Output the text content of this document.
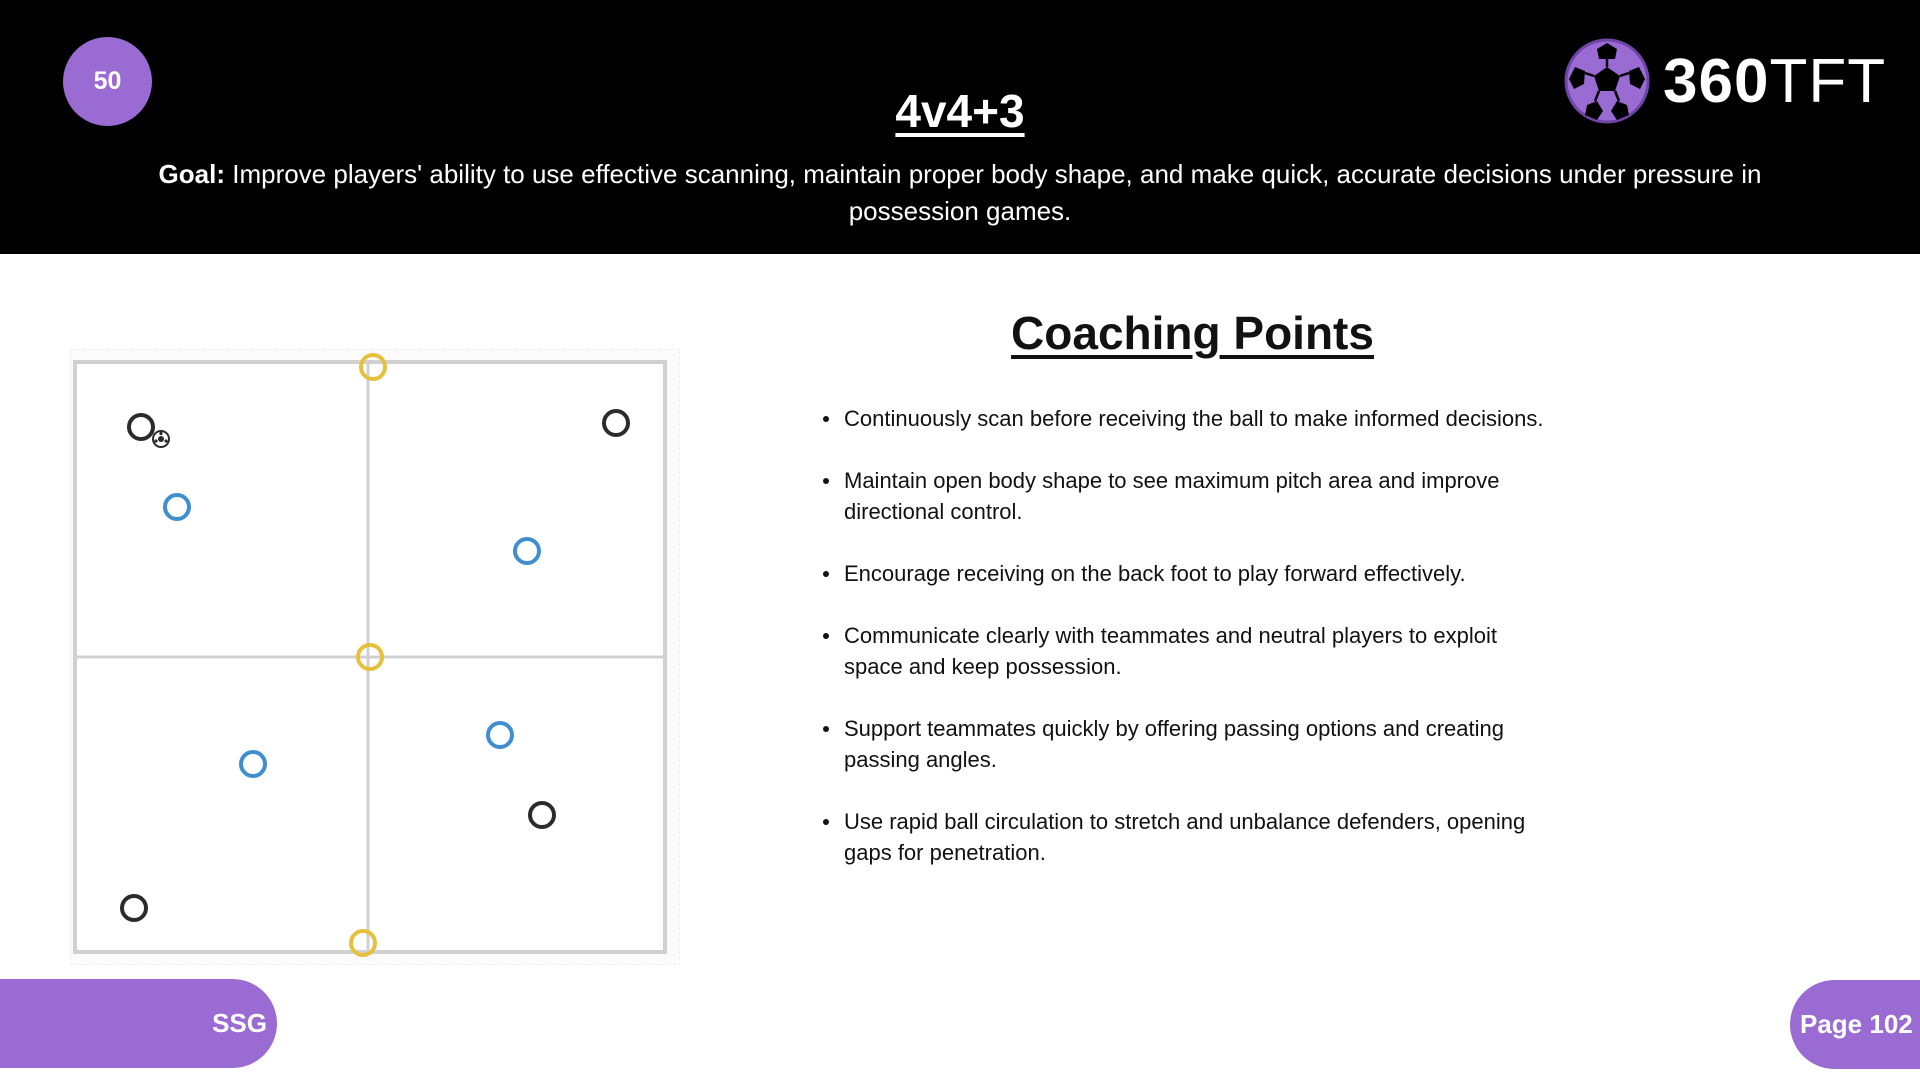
50
4v4+3
Goal: Improve players' ability to use effective scanning, maintain proper body shape, and make quick, accurate decisions under pressure in possession games.
360TFT
Coaching Points
Continuously scan before receiving the ball to make informed decisions.
Maintain open body shape to see maximum pitch area and improve directional control.
Encourage receiving on the back foot to play forward effectively.
Communicate clearly with teammates and neutral players to exploit space and keep possession.
Support teammates quickly by offering passing options and creating passing angles.
Use rapid ball circulation to stretch and unbalance defenders, opening gaps for penetration.
SSG	Page 102
